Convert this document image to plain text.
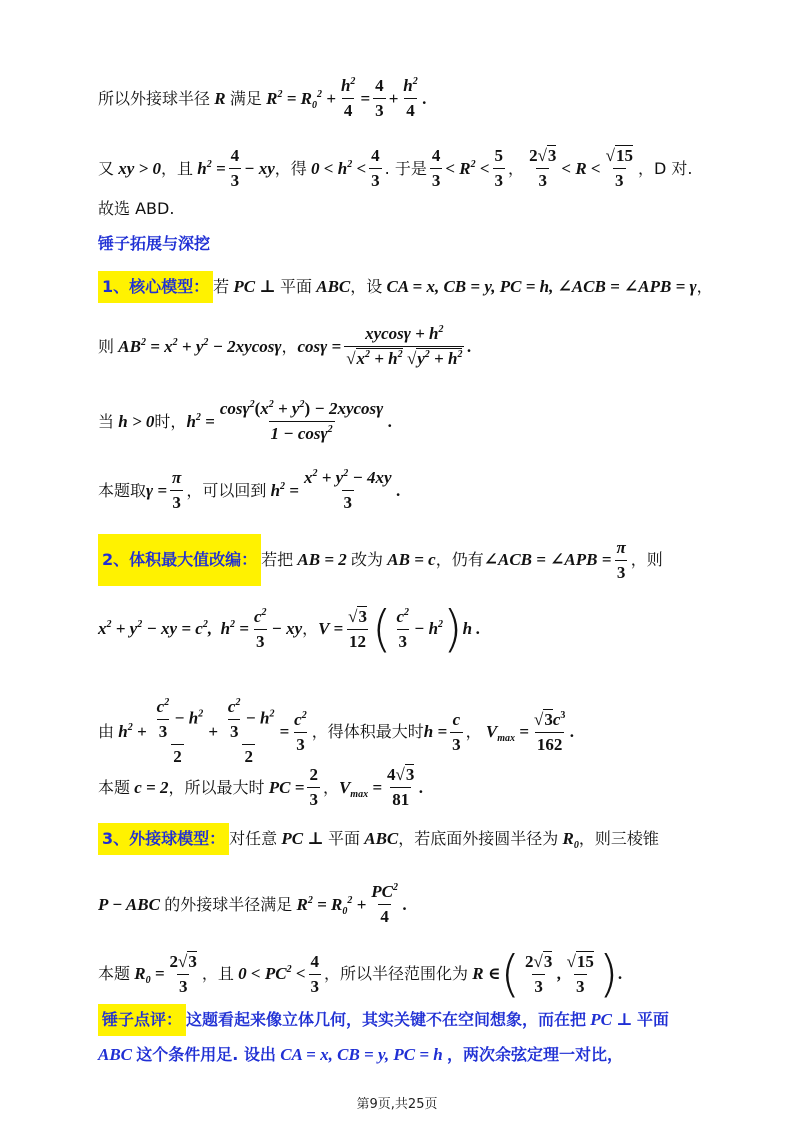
所以外接球半径 R 满足 $R^2 = R_0^2 + \frac{h^2}{4} = \frac{4}{3} + \frac{h^2}{4}$ .
又 xy > 0 ，且 $h^2 = \frac{4}{3}$ − xy ，得 $0 < h^2 < \frac{4}{3}$ . 于是 $\frac{4}{3} < R^2 < \frac{5}{3}$ ， $\frac{2√3}{3} < R < \frac{√15}{3}$ ，D 对.
故选 ABD.
锤子拓展与深挖
1、核心模型： 若 PC ⊥ 平面 ABC ，设 CA = x, CB = y, PC = h, ∠ACB = ∠APB = γ ，
则 $AB^2 = x^2 + y^2 - 2xycos\gamma$ ， $\cos\gamma = \frac{xycos\gamma + h^2}{√x^2 + h^2 √y^2 + h^2}$ .
当 h > 0 时， $h^2 = \frac{\cos\gamma^2(x^2 + y^2) - 2xycos\gamma}{1 - \cos\gamma^2}$ .
本题取 $\gamma = \frac{\pi}{3}$ ，可以回到 $h^2 = \frac{x^2 + y^2 - 4xy}{3}$ .
2、体积最大值改编： 若把 AB = 2 改为 AB = c ，仍有 ∠ACB = ∠APB = $\frac{\pi}{3}$ ，则
$x^2 + y^2$ − xy = $c^2$,  $h^2 = \frac{c^2}{3}$ − xy ， $V = \frac{√3}{12}$ ( $\frac{c^2}{3} - h^2$ ) h .
由 $h^2 + \frac{\frac{c^2}{3} - h^2}{2} + \frac{\frac{c^2}{3} - h^2}{2} = \frac{c^2}{3}$ ，得体积最大时 $h = \frac{c}{3}$ ， $V_{max} = \frac{√3c^3}{162}$ .
本题 c = 2 ，所以最大时 PC = $\frac{2}{3}$ ， $V_{max} = \frac{4√3}{81}$ .
3、外接球模型： 对任意 PC ⊥ 平面 ABC ，若底面外接圆半径为 $R_0$ ，则三棱锥
P − ABC 的外接球半径满足 $R^2 = R_0^2 + \frac{PC^2}{4}$ .
本题 $R_0 = \frac{2√3}{3}$ ，且 $0 < PC^2 < \frac{4}{3}$ ，所以半径范围化为 R ∈ ( $\frac{2√3}{3}$ , $\frac{√15}{3}$ ) .
锤子点评： 这题看起来像立体几何，其实关键不在空间想象，而在把 PC ⊥ 平面
ABC 这个条件用足. 设出 CA = x, CB = y, PC = h ，两次余弦定理一对比，
第9页,共25页
